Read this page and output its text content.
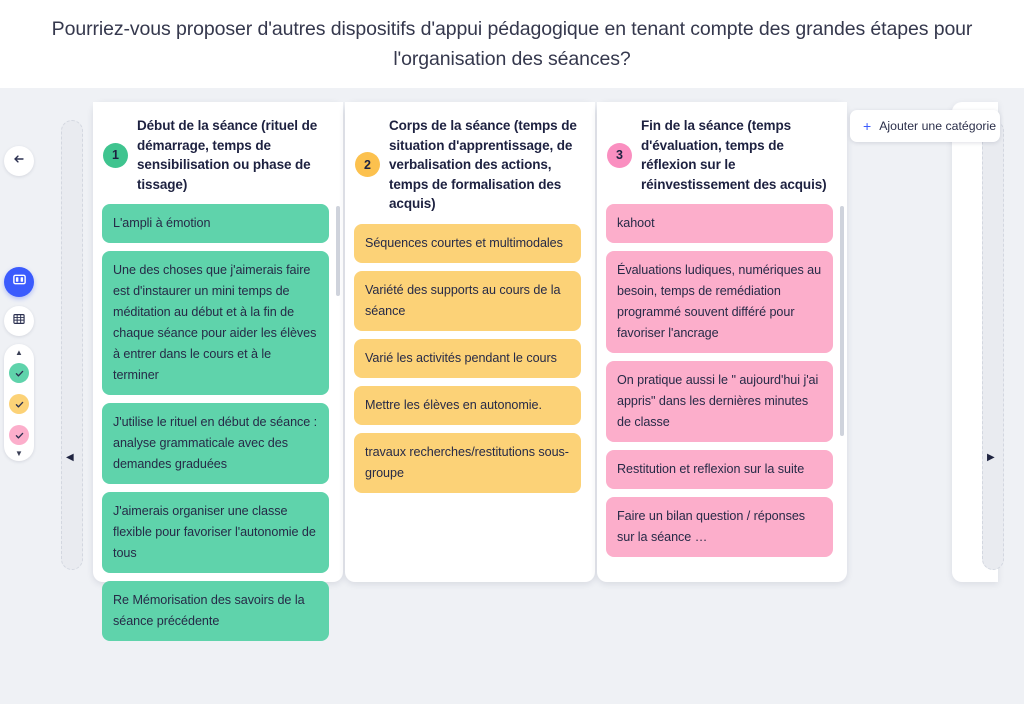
Pourriez-vous proposer d'autres dispositifs d'appui pédagogique en tenant compte des grandes étapes pour l'organisation des séances?
▲
▼	◀	▶
1
Début de la séance (rituel de démarrage, temps de sensibilisation ou phase de tissage)
L'ampli à émotion
Une des choses que j'aimerais faire est d'instaurer un mini temps de méditation au début et à la fin de chaque séance pour aider les élèves à entrer dans le cours et à le terminer
J'utilise le rituel en début de séance : analyse grammaticale avec des demandes graduées
J'aimerais organiser une classe flexible pour favoriser l'autonomie de tous
Re Mémorisation des savoirs de la séance précédente
2
Corps de la séance (temps de situation d'apprentissage, de verbalisation des actions, temps de formalisation des acquis)
Séquences courtes et multimodales
Variété des supports au cours de la séance
Varié les activités pendant le cours
Mettre les élèves en autonomie.
travaux recherches/restitutions sous-groupe
3
Fin de la séance (temps d'évaluation, temps de réflexion sur le réinvestissement des acquis)
kahoot
Évaluations ludiques, numériques au besoin, temps de remédiation programmé souvent différé pour favoriser l'ancrage
On pratique aussi le " aujourd'hui j'ai appris" dans les dernières minutes de classe
Restitution et reflexion sur la suite
Faire un bilan question / réponses sur la séance …
+ Ajouter une catégorie
